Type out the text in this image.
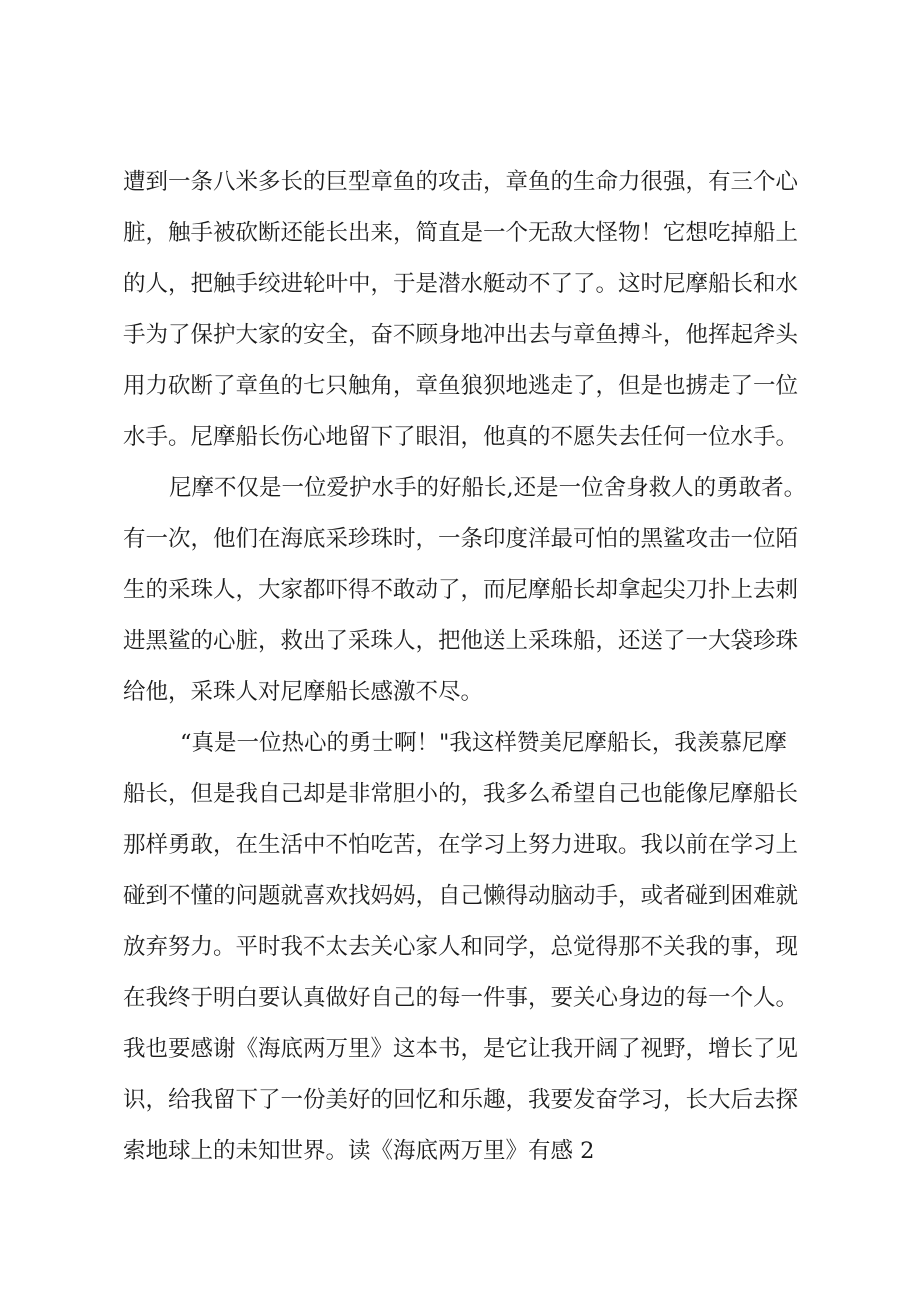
遭到一条八米多长的巨型章鱼的攻击，章鱼的生命力很强，有三个心

脏，触手被砍断还能长出来，简直是一个无敌大怪物！它想吃掉船上

的人，把触手绞进轮叶中，于是潜水艇动不了了。这时尼摩船长和水

手为了保护大家的安全，奋不顾身地冲出去与章鱼搏斗，他挥起斧头

用力砍断了章鱼的七只触角，章鱼狼狈地逃走了，但是也掳走了一位

水手。尼摩船长伤心地留下了眼泪，他真的不愿失去任何一位水手。

尼摩不仅是一位爱护水手的好船长,还是一位舍身救人的勇敢者。

有一次，他们在海底采珍珠时，一条印度洋最可怕的黑鲨攻击一位陌

生的采珠人，大家都吓得不敢动了，而尼摩船长却拿起尖刀扑上去刺

进黑鲨的心脏，救出了采珠人，把他送上采珠船，还送了一大袋珍珠

给他，采珠人对尼摩船长感激不尽。

“真是一位热心的勇士啊！"我这样赞美尼摩船长，我羡慕尼摩

船长，但是我自己却是非常胆小的，我多么希望自己也能像尼摩船长

那样勇敢，在生活中不怕吃苦，在学习上努力进取。我以前在学习上

碰到不懂的问题就喜欢找妈妈，自己懒得动脑动手，或者碰到困难就

放弃努力。平时我不太去关心家人和同学，总觉得那不关我的事，现

在我终于明白要认真做好自己的每一件事，要关心身边的每一个人。

我也要感谢《海底两万里》这本书，是它让我开阔了视野，增长了见

识，给我留下了一份美好的回忆和乐趣，我要发奋学习，长大后去探

索地球上的未知世界。读《海底两万里》有感 2
